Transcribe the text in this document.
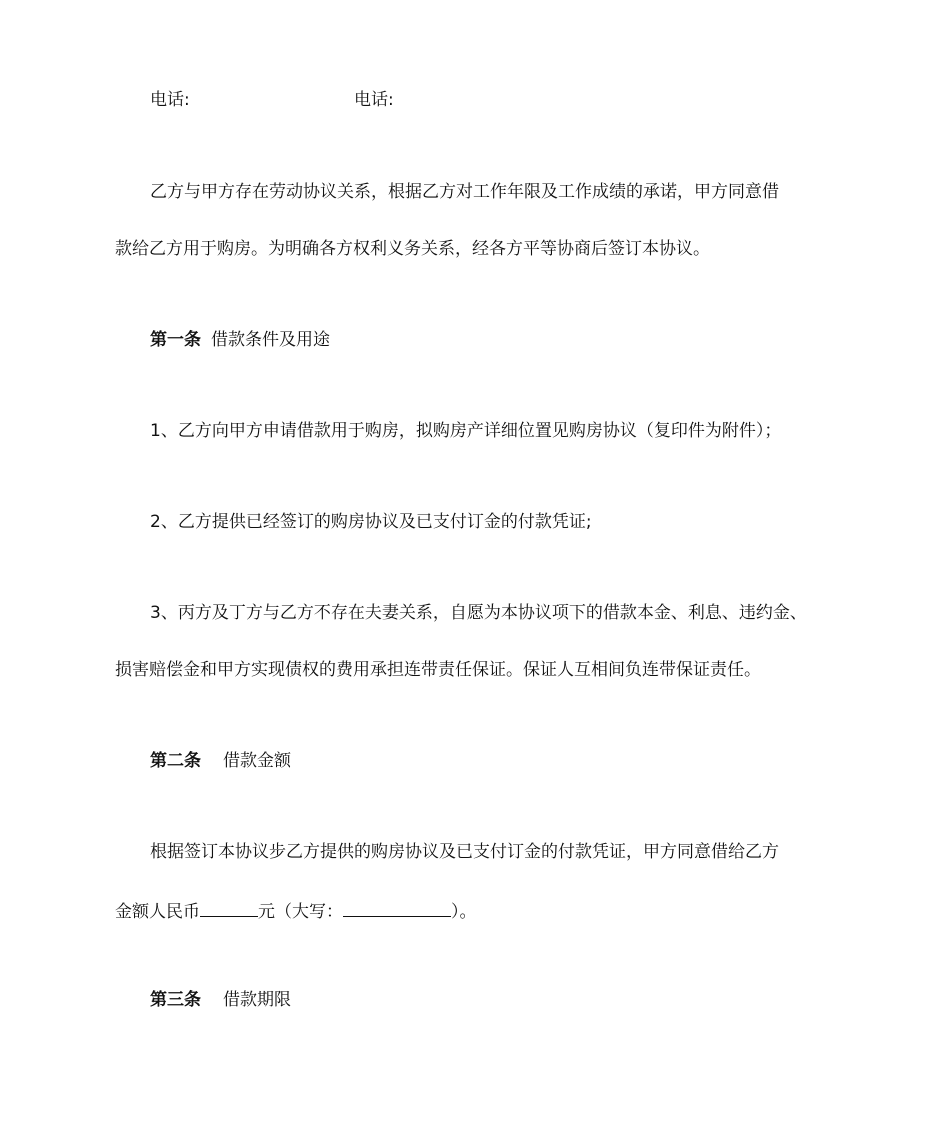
电话:	电话:
乙方与甲方存在劳动协议关系，根据乙方对工作年限及工作成绩的承诺，甲方同意借
款给乙方用于购房。为明确各方权利义务关系，经各方平等协商后签订本协议。
第一条 借款条件及用途
1、乙方向甲方申请借款用于购房，拟购房产详细位置见购房协议（复印件为附件）；
2、乙方提供已经签订的购房协议及已支付订金的付款凭证;
3、丙方及丁方与乙方不存在夫妻关系，自愿为本协议项下的借款本金、利息、违约金、
损害赔偿金和甲方实现债权的费用承担连带责任保证。保证人互相间负连带保证责任。
第二条 借款金额
根据签订本协议步乙方提供的购房协议及已支付订金的付款凭证，甲方同意借给乙方
金额人民币	元（大写：	）。
第三条 借款期限
